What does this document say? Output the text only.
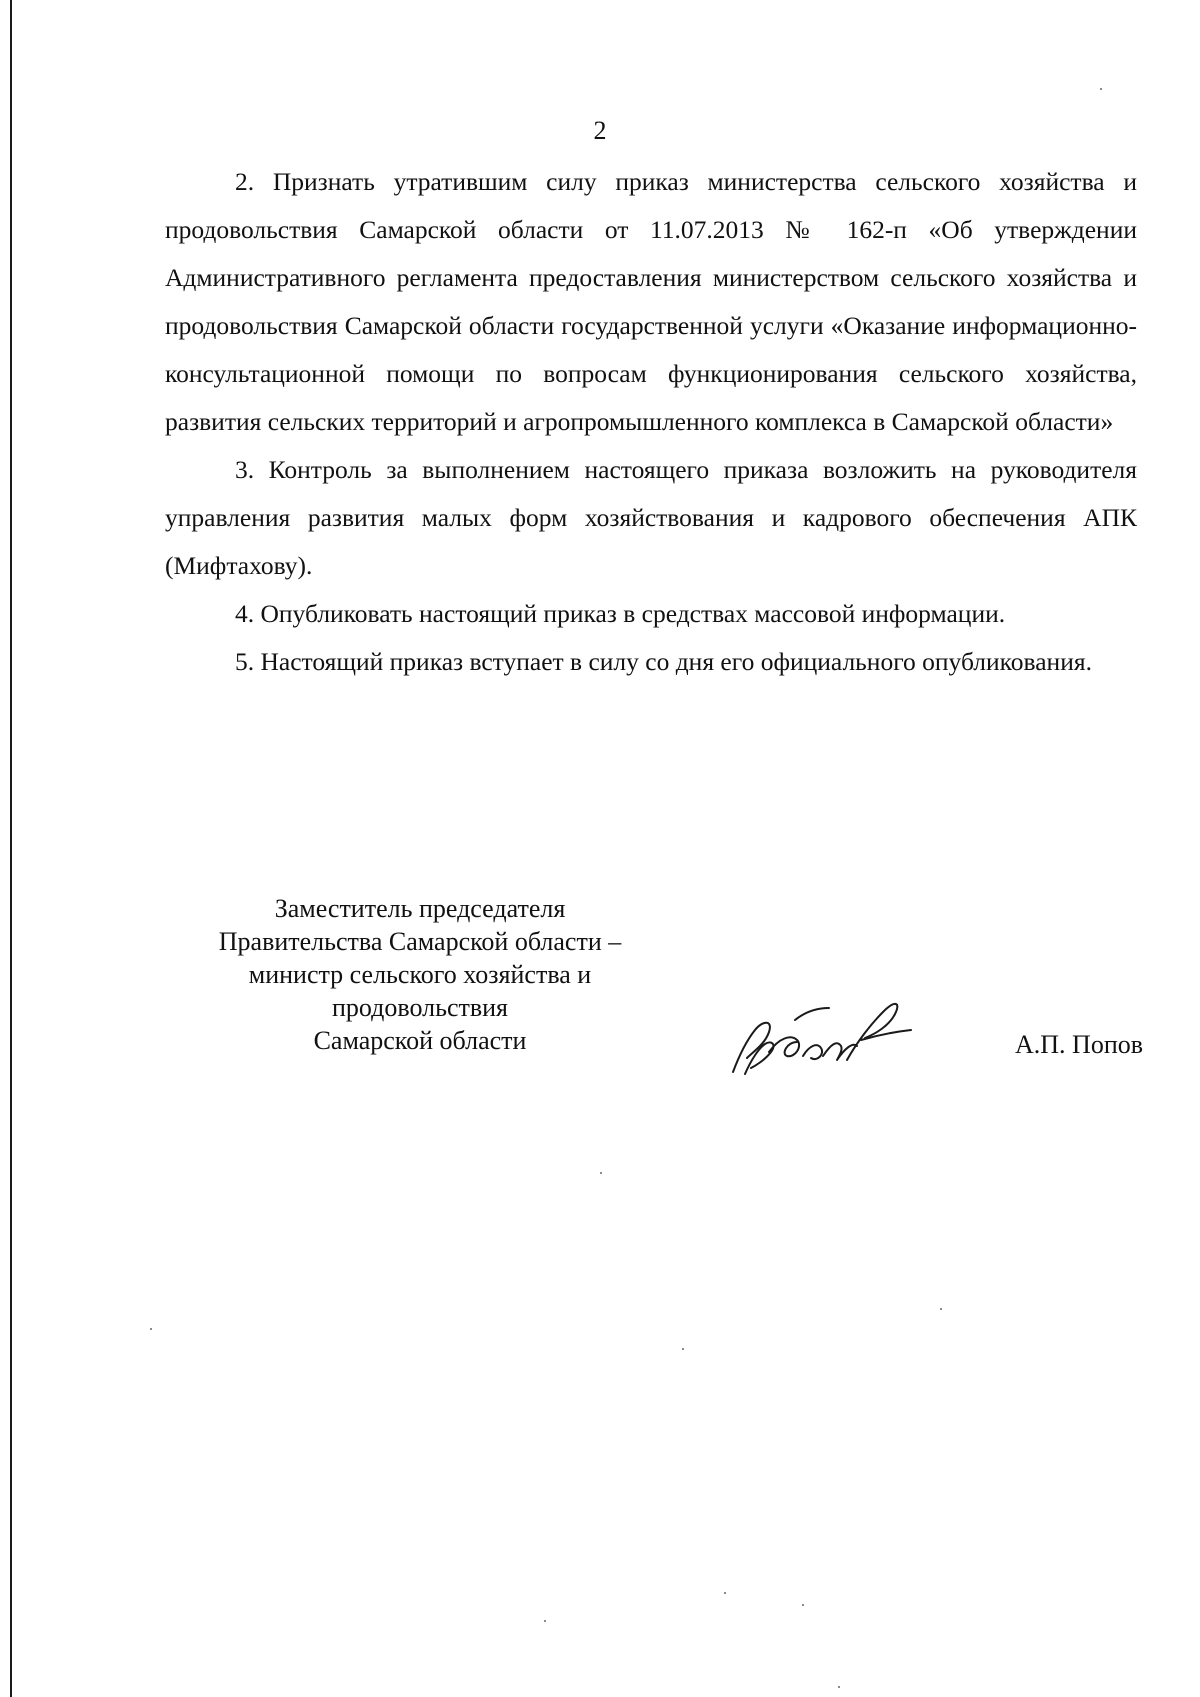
2

2. Признать утратившим силу приказ министерства сельского хозяйства и продовольствия Самарской области от 11.07.2013 № 162-п «Об утверждении Административного регламента предоставления министерством сельского хозяйства и продовольствия Самарской области государственной услуги «Оказание информационно-консультационной помощи по вопросам функционирования сельского хозяйства, развития сельских территорий и агропромышленного комплекса в Самарской области»

3. Контроль за выполнением настоящего приказа возложить на руководителя управления развития малых форм хозяйствования и кадрового обеспечения АПК (Мифтахову).

4. Опубликовать настоящий приказ в средствах массовой информации.

5. Настоящий приказ вступает в силу со дня его официального опубликования.

Заместитель председателя
Правительства Самарской области –
министр сельского хозяйства и
продовольствия
Самарской области	А.П. Попов
